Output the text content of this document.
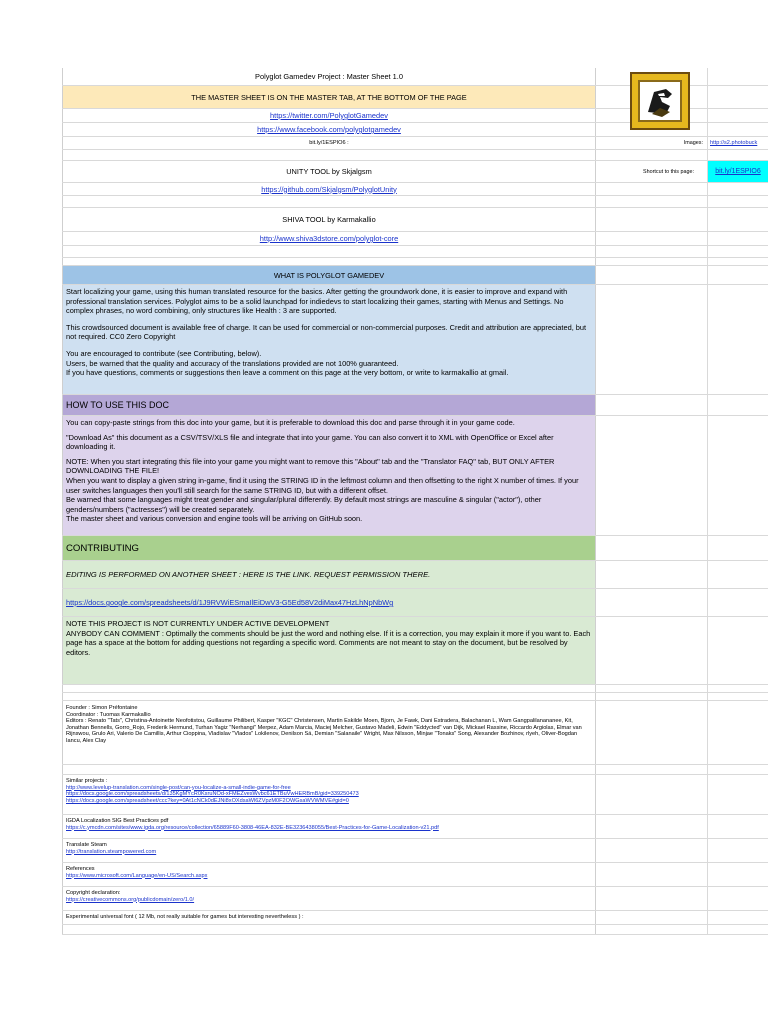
Polyglot Gamedev Project : Master Sheet 1.0
THE MASTER SHEET IS ON THE MASTER TAB, AT THE BOTTOM OF THE PAGE
https://twitter.com/PolyglotGamedev
https://www.facebook.com/polyglotgamedev
bit.ly/1ESPIO6 :	Images: http://s2.photobuck
UNITY TOOL by Skjalgsm	Shortcut to this page:	bit.ly/1ESPIO6
https://github.com/Skjalgsm/PolyglotUnity
SHIVA TOOL by Karmakallio
http://www.shiva3dstore.com/polyglot-core
WHAT IS POLYGLOT GAMEDEV
Start localizing your game, using this human translated resource for the basics. After getting the groundwork done, it is easier to improve and expand with professional translation services. Polyglot aims to be a solid launchpad for indiedevs to start localizing their games, starting with Menus and Settings. No complex phrases, no word combining, only structures like Health : 3 are supported.
This crowdsourced document is available free of charge. It can be used for commercial or non-commercial purposes. Credit and attribution are appreciated, but not required. CC0 Zero Copyright
You are encouraged to contribute (see Contributing, below).
Users, be warned that the quality and accuracy of the translations provided are not 100% guaranteed.
If you have questions, comments or suggestions then leave a comment on this page at the very bottom, or write to karmakallio at gmail.
HOW TO USE THIS DOC
You can copy-paste strings from this doc into your game, but it is preferable to download this doc and parse through it in your game code.
"Download As" this document as a CSV/TSV/XLS file and integrate that into your game. You can also convert it to XML with OpenOffice or Excel after downloading it.
NOTE: When you start integrating this file into your game you might want to remove this "About" tab and the "Translator FAQ" tab, BUT ONLY AFTER DOWNLOADING THE FILE!
When you want to display a given string in-game, find it using the STRING ID in the leftmost column and then offsetting to the right X number of times. If your user switches languages then you'll still search for the same STRING ID, but with a different offset.
Be warned that some languages might treat gender and singular/plural differently. By default most strings are masculine & singular ("actor"), other genders/numbers ("actresses") will be created separately.
The master sheet and various conversion and engine tools will be arriving on GitHub soon.
CONTRIBUTING
EDITING IS PERFORMED ON ANOTHER SHEET : HERE IS THE LINK. REQUEST PERMISSION THERE.
https://docs.google.com/spreadsheets/d/1J9RVWiESmaIlEiDwV3-G5Ed58V2diMax47HzLhNpNbWg
NOTE THIS PROJECT IS NOT CURRENTLY UNDER ACTIVE DEVELOPMENT
ANYBODY CAN COMMENT : Optimally the comments should be just the word and nothing else. If it is a correction, you may explain it more if you want to. Each page has a space at the bottom for adding questions not regarding a specific word. Comments are not meant to stay on the document, but be resolved by editors.
Founder : Simon Préfontaine
Coordinator : Tuomas Karmakallio
Editors : Renato "Tats", Christina-Antoinette Neofotistou, Guillaume Philibert, Kasper "KGC" Christensen, Martin Eskilde Moen, Bjorn, Je Fawk, Dani Estradera, Balachanan L, Wam Gangpalilanananee, Kit, Jonathan Bennells, Gorro_Rojo, Frederik Hermund, Turhan Yagiz "Nerhangi" Merpez, Adam Marcia, Maciej Melcher, Gustavo Madeli, Edwin "Eddycted" van Dijk, Mickael Rassine, Riccardo Argiolas, Elmar van Rijnswou, Grulo Ari, Valerio De Camillis, Arthur Cioppina, Vladislav "Vlados" Lokilenov, Denilson Sá, Demian "Salanaile" Wright, Max Nilsson, Minjae "Tonaks" Song, Alexander Bozhinov, rlyeh, Oliver-Bogdan Iancu, Alex Clay
Similar projects :
http://www.levelup-translation.com/single-post/can-you-localize-a-small-indie-game-for-free
https://docs.google.com/spreadsheets/d/135KgMYcR0KsruNOd-xFMEZvesWvbc61ETBuVwHERBmB/gid=339250473
https://docs.google.com/spreadsheet/ccc?key=0At1cNCk0dEJNi8xOXdsaWl6ZVpzM0F2OWGsaWVWMVE#gid=0
IGDA Localization SIG Best Practices pdf
https://c.ymcdn.com/sites/www.igda.org/resource/collection/65889F60-3808-46EA-832E-BE3236438055/Best-Practices-for-Game-Localization-v21.pdf
Translate Steam
http://translation.steampowered.com
References
https://www.microsoft.com/Language/en-US/Search.aspx
Copyright declaration:
https://creativecommons.org/publicdomain/zero/1.0/
Experimental universal font ( 12 Mb, not really suitable for games but interesting nevertheless ) :
